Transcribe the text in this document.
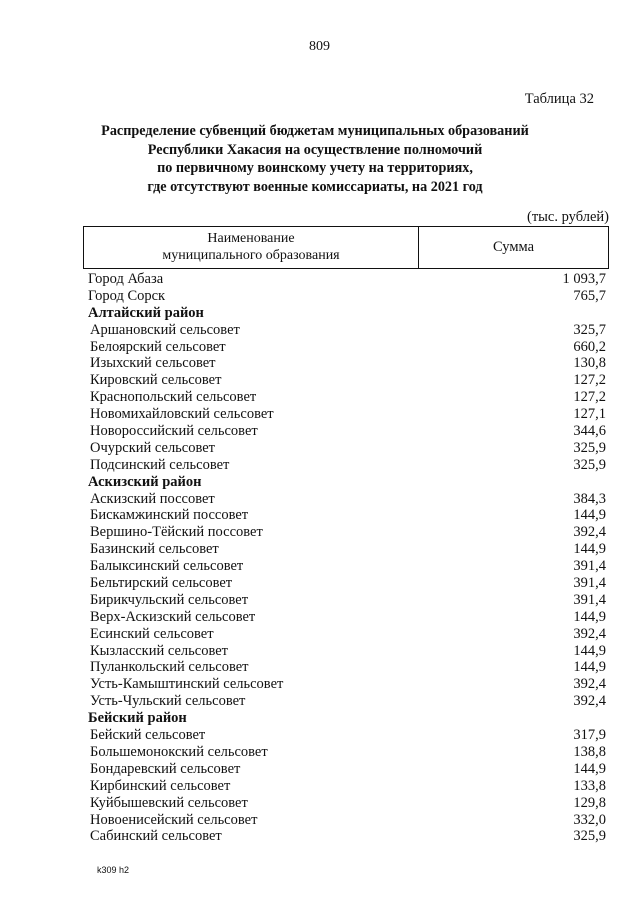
809
Таблица 32
Распределение субвенций бюджетам муниципальных образований
Республики Хакасия на осуществление полномочий
по первичному воинскому учету на территориях,
где отсутствуют военные комиссариаты, на 2021 год
(тыс. рублей)
Наименование
муниципального образования
Сумма
Город Абаза	1 093,7
Город Сорск	765,7
Алтайский район
Аршановский сельсовет	325,7
Белоярский сельсовет	660,2
Изыхский сельсовет	130,8
Кировский сельсовет	127,2
Краснопольский сельсовет	127,2
Новомихайловский сельсовет	127,1
Новороссийский сельсовет	344,6
Очурский сельсовет	325,9
Подсинский сельсовет	325,9
Аскизский район
Аскизский поссовет	384,3
Бискамжинский поссовет	144,9
Вершино-Тёйский поссовет	392,4
Базинский сельсовет	144,9
Балыксинский сельсовет	391,4
Бельтирский сельсовет	391,4
Бирикчульский сельсовет	391,4
Верх-Аскизский сельсовет	144,9
Есинский сельсовет	392,4
Кызласский сельсовет	144,9
Пуланкольский сельсовет	144,9
Усть-Камыштинский сельсовет	392,4
Усть-Чульский сельсовет	392,4
Бейский район
Бейский сельсовет	317,9
Большемонокский сельсовет	138,8
Бондаревский сельсовет	144,9
Кирбинский сельсовет	133,8
Куйбышевский сельсовет	129,8
Новоенисейский сельсовет	332,0
Сабинский сельсовет	325,9
k309 h2
